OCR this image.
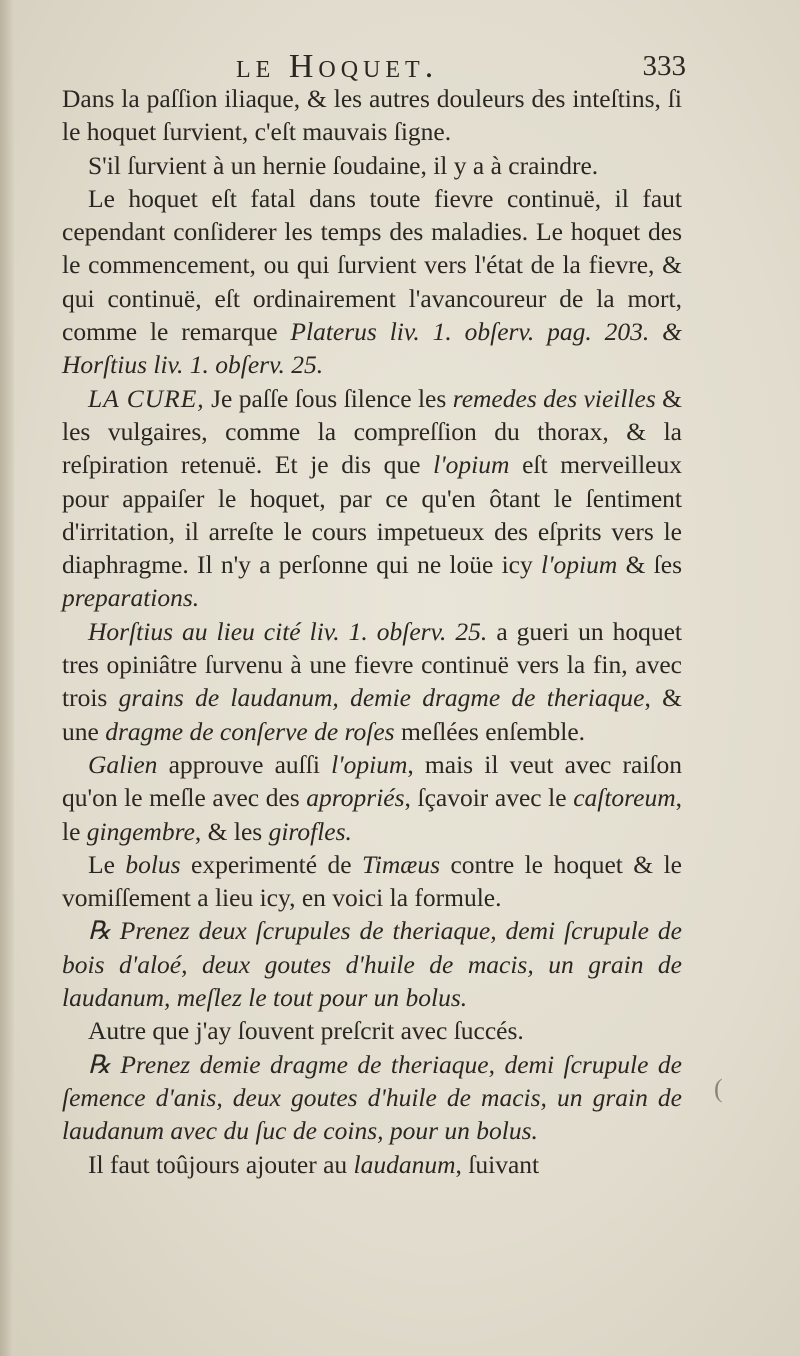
le Hoquet.	333

Dans la paſſion iliaque, & les autres douleurs des inteſtins, ſi le hoquet ſurvient, c'eſt mauvais ſigne.

S'il ſurvient à un hernie ſoudaine, il y a à craindre.

Le hoquet eſt fatal dans toute fievre continuë, il faut cependant conſiderer les temps des maladies. Le hoquet des le commencement, ou qui ſurvient vers l'état de la fievre, & qui continuë, eſt ordinairement l'avancoureur de la mort, comme le remarque Platerus liv. 1. obſerv. pag. 203. & Horſtius liv. 1. obſerv. 25.

LA CURE, Je paſſe ſous ſilence les remedes des vieilles & les vulgaires, comme la compreſſion du thorax, & la reſpiration retenuë. Et je dis que l'opium eſt merveilleux pour appaiſer le hoquet, par ce qu'en ôtant le ſentiment d'irritation, il arreſte le cours impetueux des eſprits vers le diaphragme. Il n'y a perſonne qui ne loüe icy l'opium & ſes preparations.

Horſtius au lieu cité liv. 1. obſerv. 25. a gueri un hoquet tres opiniâtre ſurvenu à une fievre continuë vers la fin, avec trois grains de laudanum, demie dragme de theriaque, & une dragme de conſerve de roſes meſlées enſemble.

Galien approuve auſſi l'opium, mais il veut avec raiſon qu'on le meſle avec des apropriés, ſçavoir avec le caſtoreum, le gingembre, & les girofles.

Le bolus experimenté de Timæus contre le hoquet & le vomiſſement a lieu icy, en voici la formule.

℞ Prenez deux ſcrupules de theriaque, demi ſcrupule de bois d'aloé, deux goutes d'huile de macis, un grain de laudanum, meſlez le tout pour un bolus.

Autre que j'ay ſouvent preſcrit avec ſuccés.

℞ Prenez demie dragme de theriaque, demi ſcrupule de ſemence d'anis, deux goutes d'huile de macis, un grain de laudanum avec du ſuc de coins, pour un bolus.

Il faut toûjours ajouter au laudanum, ſuivant

(
